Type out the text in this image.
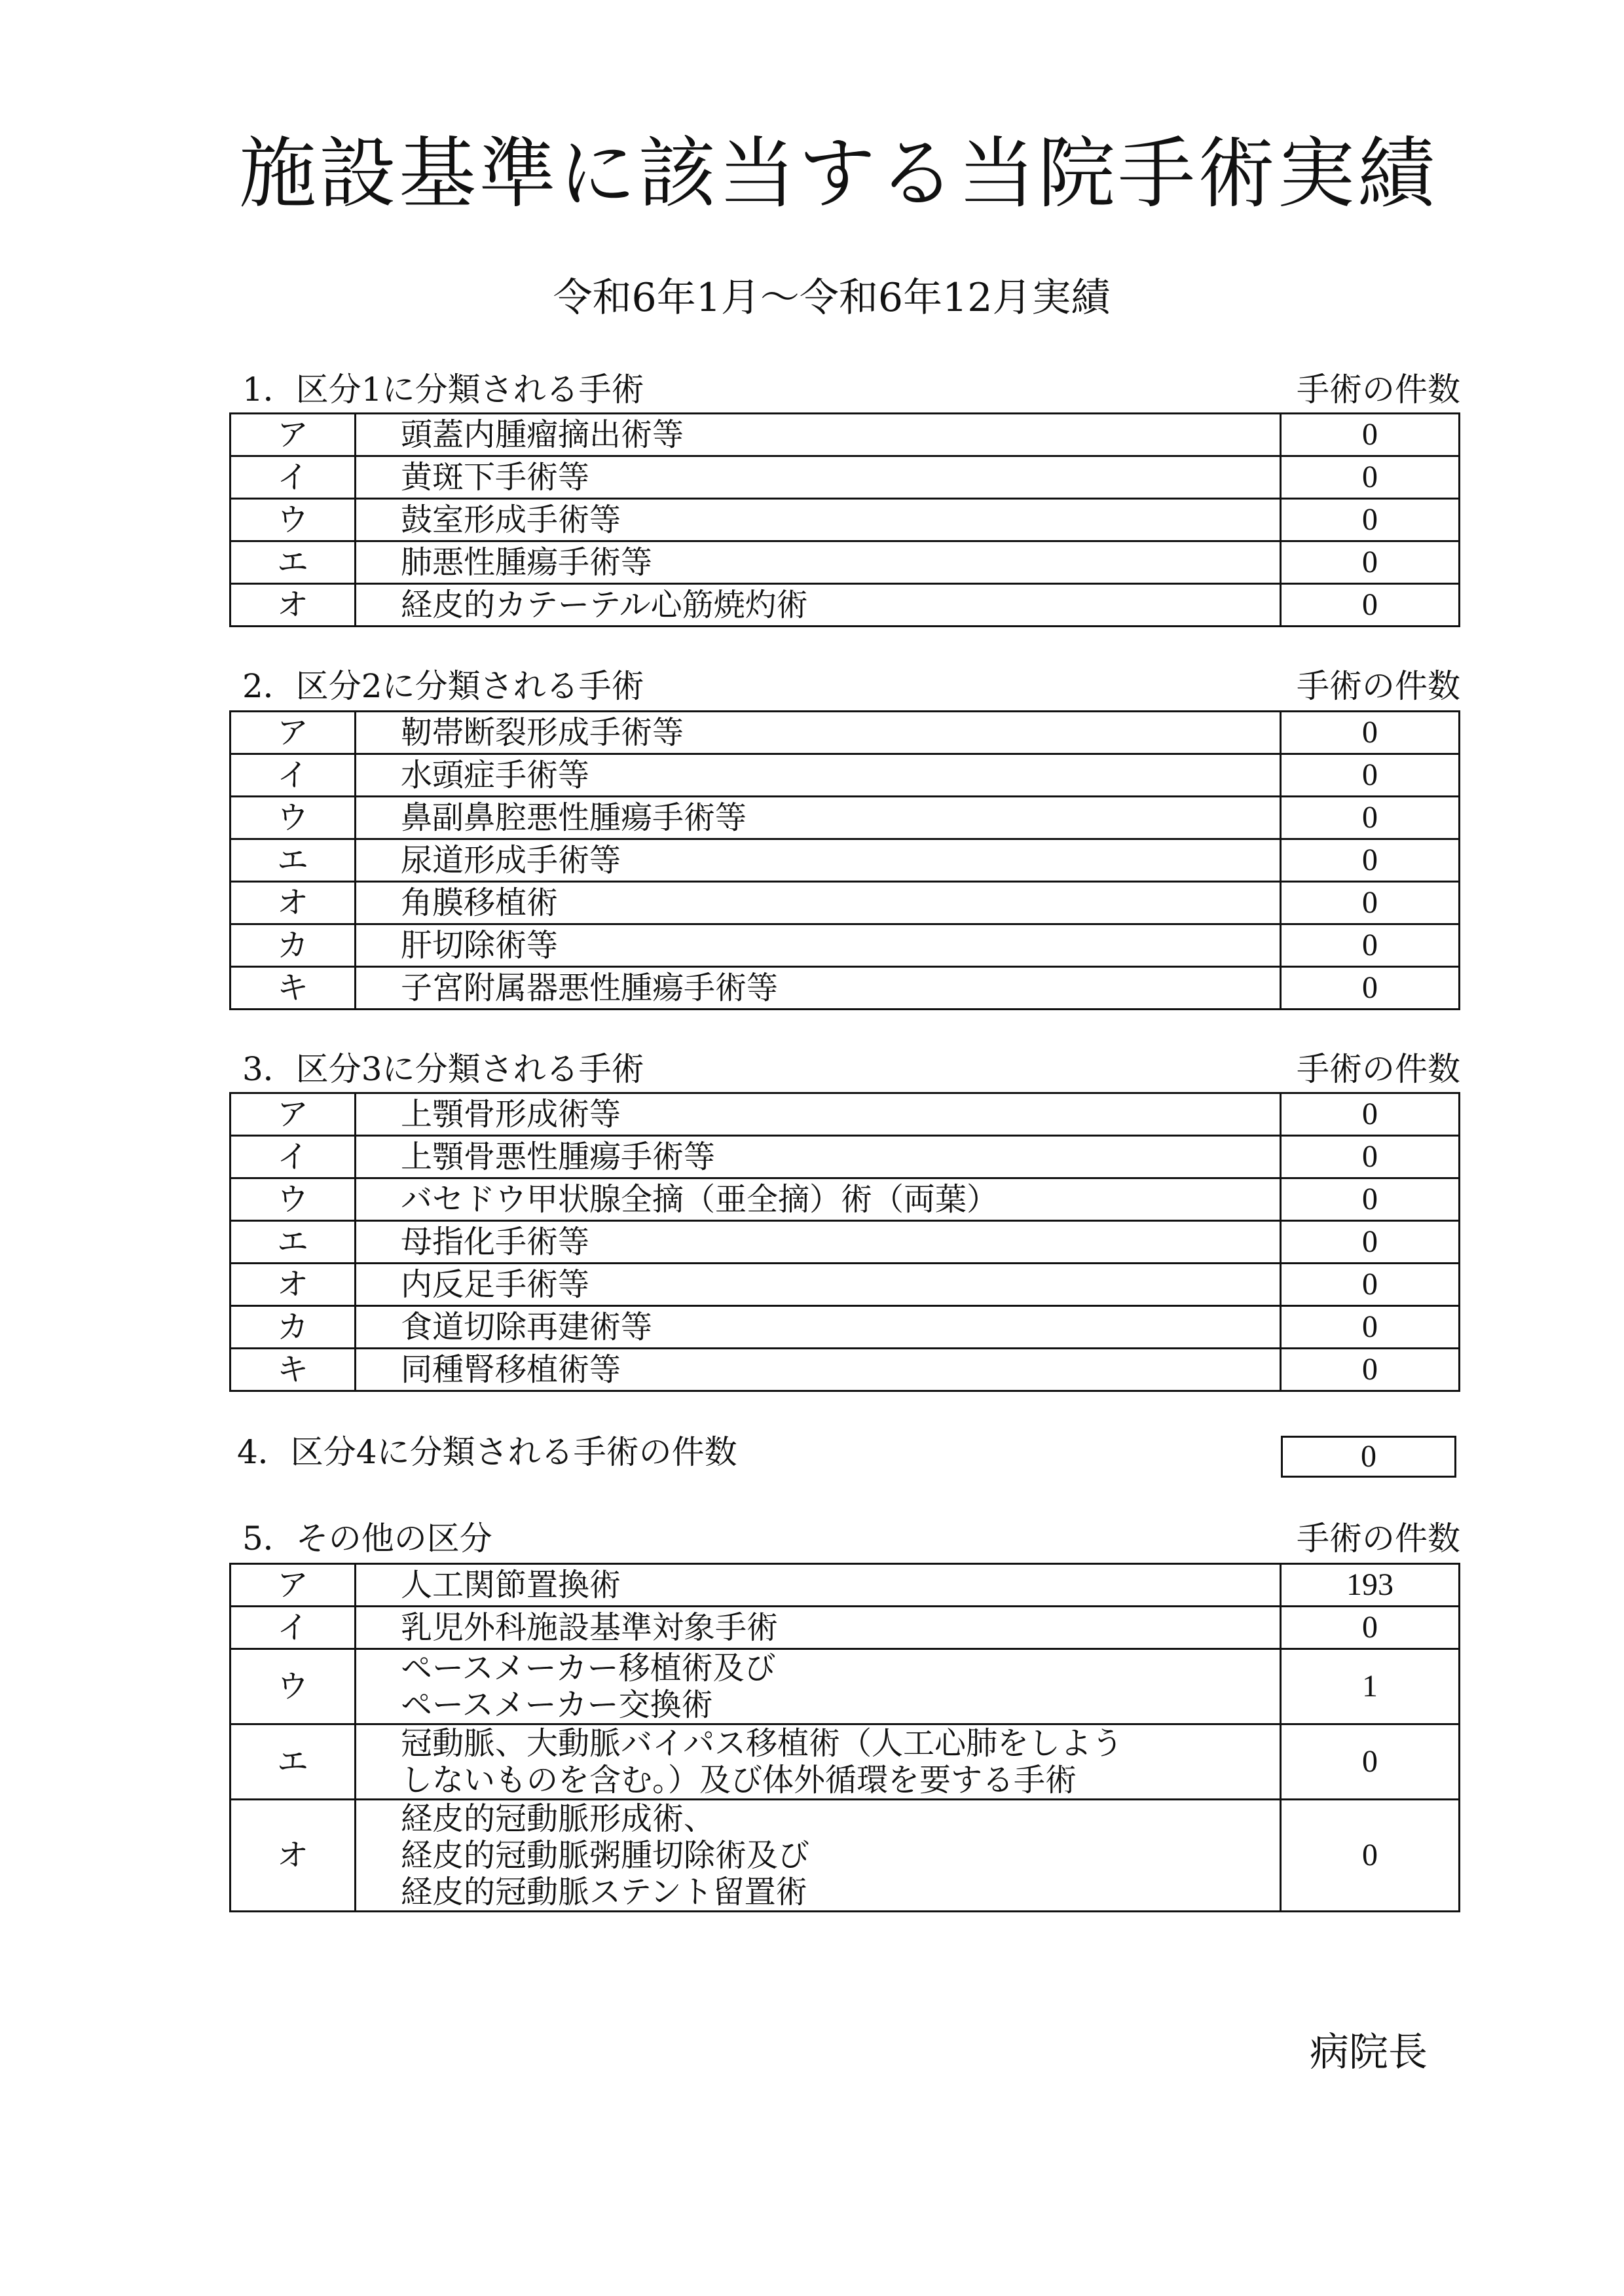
施設基準に該当する当院手術実績
令和6年1月～令和6年12月実績
1．区分1に分類される手術	手術の件数
ア	頭蓋内腫瘤摘出術等	0
イ	黄斑下手術等	0
ウ	鼓室形成手術等	0
エ	肺悪性腫瘍手術等	0
オ	経皮的カテーテル心筋焼灼術	0
2．区分2に分類される手術	手術の件数
ア	靭帯断裂形成手術等	0
イ	水頭症手術等	0
ウ	鼻副鼻腔悪性腫瘍手術等	0
エ	尿道形成手術等	0
オ	角膜移植術	0
カ	肝切除術等	0
キ	子宮附属器悪性腫瘍手術等	0
3．区分3に分類される手術	手術の件数
ア	上顎骨形成術等	0
イ	上顎骨悪性腫瘍手術等	0
ウ	バセドウ甲状腺全摘（亜全摘）術（両葉）	0
エ	母指化手術等	0
オ	内反足手術等	0
カ	食道切除再建術等	0
キ	同種腎移植術等	0
4．区分4に分類される手術の件数	0
5．その他の区分	手術の件数
ア	人工関節置換術	193
イ	乳児外科施設基準対象手術	0
ウ	ペースメーカー移植術及び
ペースメーカー交換術	1
エ	冠動脈、大動脈バイパス移植術（人工心肺をしよう
しないものを含む。）及び体外循環を要する手術	0
オ	経皮的冠動脈形成術、
経皮的冠動脈粥腫切除術及び
経皮的冠動脈ステント留置術	0
病院長
